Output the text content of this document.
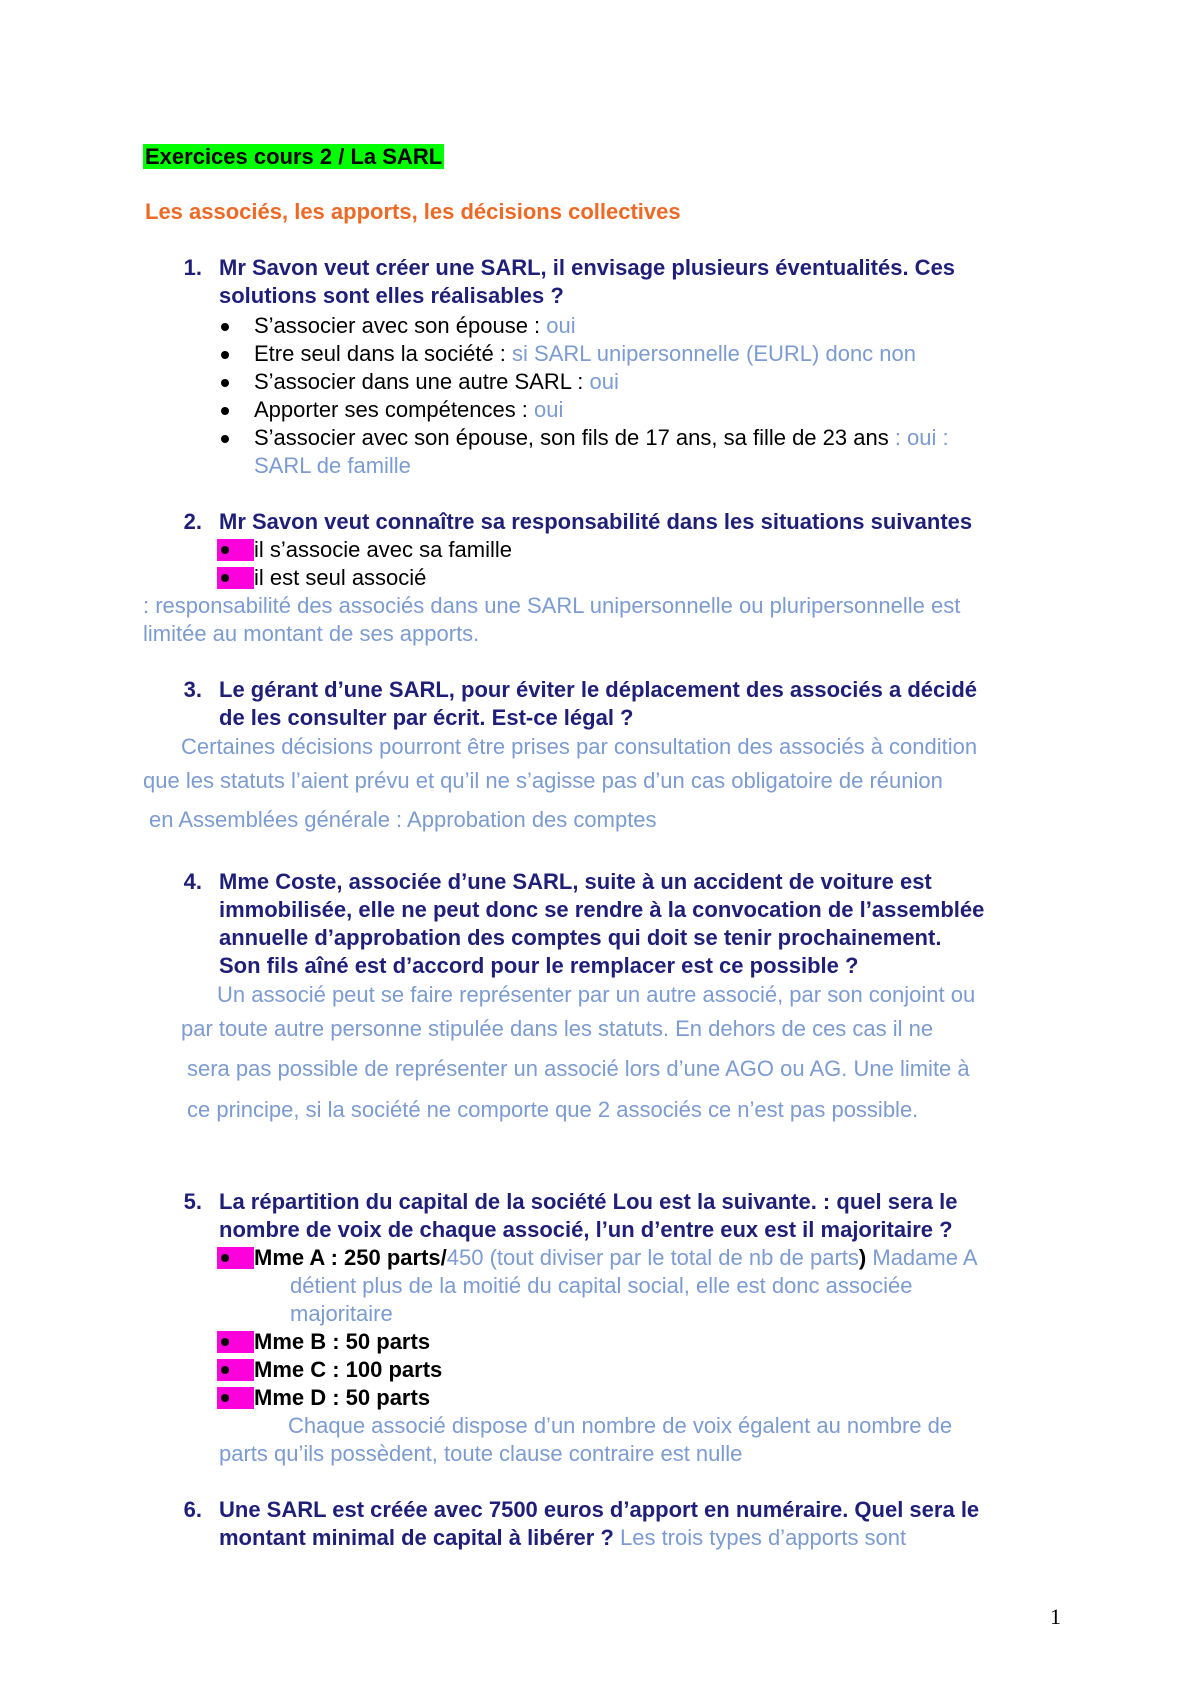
Exercices cours 2 / La SARL
Les associés, les apports, les décisions collectives
1. Mr Savon veut créer une SARL, il envisage plusieurs éventualités. Ces
solutions sont elles réalisables ?
S’associer avec son épouse : oui
Etre seul dans la société : si SARL unipersonnelle (EURL) donc non
S’associer dans une autre SARL : oui
Apporter ses compétences : oui
S’associer avec son épouse, son fils de 17 ans, sa fille de 23 ans : oui :
SARL de famille
2. Mr Savon veut connaître sa responsabilité dans les situations suivantes
il s’associe avec sa famille
il est seul associé
: responsabilité des associés dans une SARL unipersonnelle ou pluripersonnelle est
limitée au montant de ses apports.
3. Le gérant d’une SARL, pour éviter le déplacement des associés a décidé
de les consulter par écrit. Est-ce légal ?
Certaines décisions pourront être prises par consultation des associés à condition
que les statuts l’aient prévu et qu’il ne s’agisse pas d’un cas obligatoire de réunion
en Assemblées générale : Approbation des comptes
4. Mme Coste, associée d’une SARL, suite à un accident de voiture est
immobilisée, elle ne peut donc se rendre à la convocation de l’assemblée
annuelle d’approbation des comptes qui doit se tenir prochainement.
Son fils aîné est d’accord pour le remplacer est ce possible ?
Un associé peut se faire représenter par un autre associé, par son conjoint ou
par toute autre personne stipulée dans les statuts. En dehors de ces cas il ne
sera pas possible de représenter un associé lors d’une AGO ou AG. Une limite à
ce principe, si la société ne comporte que 2 associés ce n’est pas possible.
5. La répartition du capital de la société Lou est la suivante. : quel sera le
nombre de voix de chaque associé, l’un d’entre eux est il majoritaire ?
Mme A : 250 parts/450 (tout diviser par le total de nb de parts) Madame A
détient plus de la moitié du capital social, elle est donc associée
majoritaire
Mme B : 50 parts
Mme C : 100 parts
Mme D : 50 parts
Chaque associé dispose d’un nombre de voix égalent au nombre de
parts qu’ils possèdent, toute clause contraire est nulle
6. Une SARL est créée avec 7500 euros d’apport en numéraire. Quel sera le
montant minimal de capital à libérer ? Les trois types d’apports sont
1
